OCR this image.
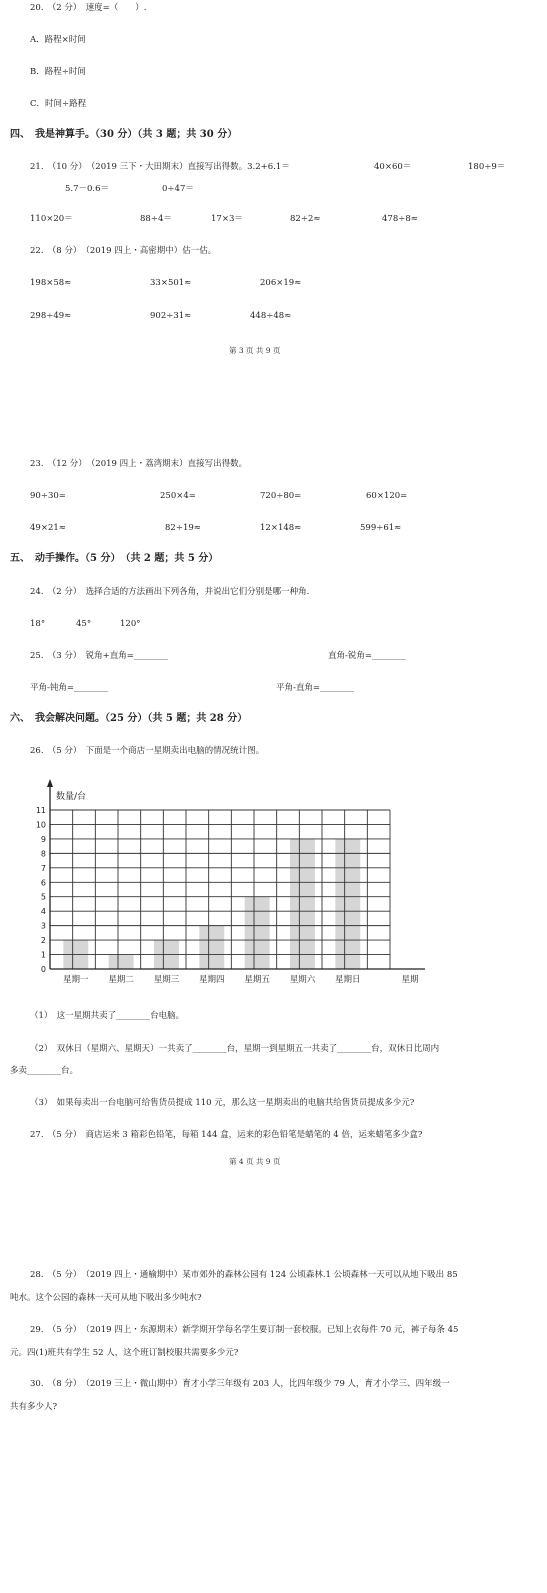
20.　（2 分）　速度=（　　）.
A．路程×时间
B．路程÷时间
C．时间÷路程
四、　我是神算手。（30 分）（共 3 题；共 30 分）
21.　（10 分）　（2019 三下・大田期末）直接写出得数。3.2+6.1＝	40×60＝	180÷9＝
5.7－0.6＝	0÷47＝
110×20＝	88÷4＝	17×3＝	82÷2≈	478÷8≈
22.　（8 分）　（2019 四上・高密期中）估一估。
198×58≈	33×501≈	206×19≈
298÷49≈	902÷31≈	448÷48≈
第 3 页 共 9 页
23.　（12 分）　（2019 四上・荔湾期末）直接写出得数。
90÷30=	250×4=	720÷80=	60×120=
49×21≈	82÷19≈	12×148≈	599÷61≈
五、　动手操作。（5 分）　（共 2 题；共 5 分）
24.　（2 分）　选择合适的方法画出下列各角，并说出它们分别是哪一种角.
18°	45°	120°
25.　（3 分）　锐角+直角=________	直角-锐角=________
平角-钝角=________	平角-直角=________
六、　我会解决问题。（25 分）（共 5 题；共 28 分）
26.　（5 分）　下面是一个商店一星期卖出电脑的情况统计图。
0
1
2
3
4
5
6
7
8
9
10
11
数量/台
星期一 星期二 星期三 星期四 星期五 星期六 星期日	星期
（1）　这一星期共卖了________台电脑。
（2）　双休日（星期六、星期天）一共卖了________台，星期一到星期五一共卖了________台，双休日比周内
多卖________台。
（3）　如果每卖出一台电脑可给售货员提成 110 元，那么这一星期卖出的电脑共给售货员提成多少元?
27.　（5 分）　商店运来 3 箱彩色铅笔，每箱 144 盒，运来的彩色铅笔是蜡笔的 4 倍，运来蜡笔多少盒?
第 4 页 共 9 页
28.　（5 分）　（2019 四上・通榆期中）某市郊外的森林公园有 124 公顷森林.1 公顷森林一天可以从地下吸出 85
吨水。这个公园的森林一天可从地下吸出多少吨水?
29.　（5 分）　（2019 四上・东源期末）新学期开学每名学生要订制一套校服。已知上衣每件 70 元，裤子每条 45
元。四(1)班共有学生 52 人，这个班订制校服共需要多少元?
30.　（8 分）　（2019 三上・微山期中）育才小学三年级有 203 人，比四年级少 79 人，育才小学三、四年级一
共有多少人?
